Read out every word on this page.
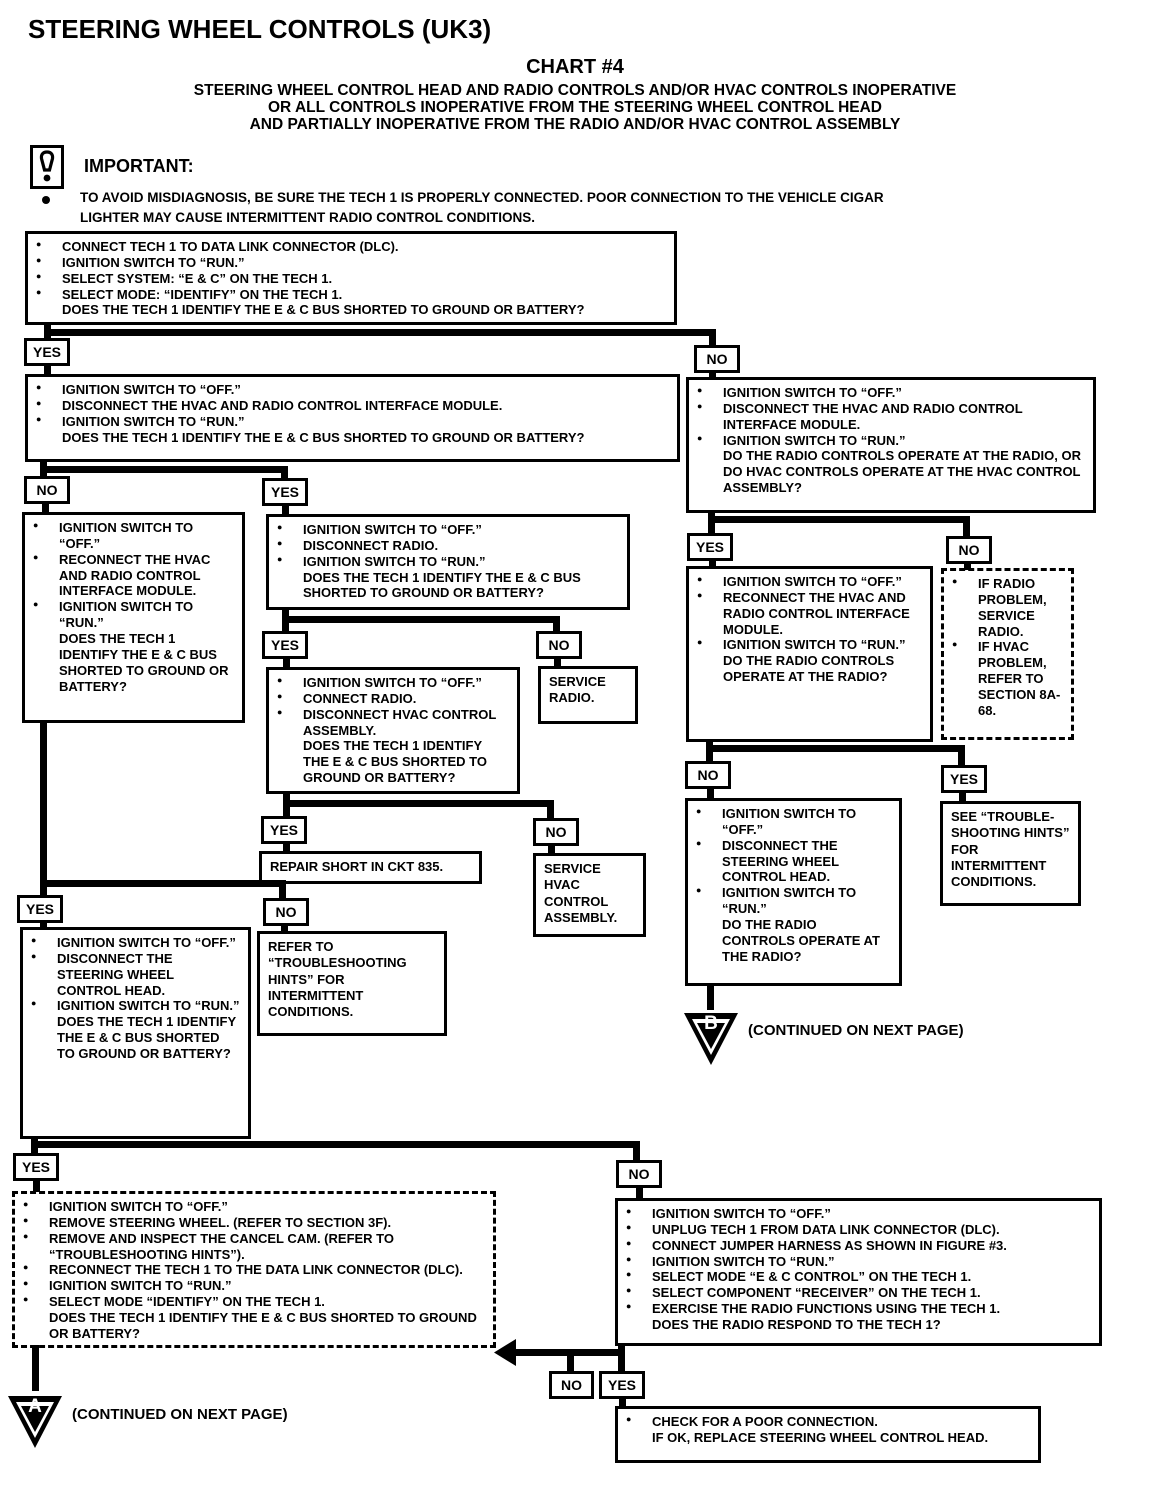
STEERING WHEEL CONTROLS (UK3)
CHART #4
STEERING WHEEL CONTROL HEAD AND RADIO CONTROLS AND/OR HVAC CONTROLS INOPERATIVE
OR ALL CONTROLS INOPERATIVE FROM THE STEERING WHEEL CONTROL HEAD
AND PARTIALLY INOPERATIVE FROM THE RADIO AND/OR HVAC CONTROL ASSEMBLY
IMPORTANT:
TO AVOID MISDIAGNOSIS, BE SURE THE TECH 1 IS PROPERLY CONNECTED. POOR CONNECTION TO THE VEHICLE CIGAR LIGHTER MAY CAUSE INTERMITTENT RADIO CONTROL CONDITIONS.
YES	NO
NO	YES
YES	NO
YES	NO
YES	NO
YES	NO
NO	YES
YES	NO
NO	YES
●	CONNECT TECH 1 TO DATA LINK CONNECTOR (DLC).
●	IGNITION SWITCH TO “RUN.”
●	SELECT SYSTEM: “E & C” ON THE TECH 1.
●	SELECT MODE: “IDENTIFY” ON THE TECH 1.
DOES THE TECH 1 IDENTIFY THE E & C BUS SHORTED TO GROUND OR BATTERY?
●	IGNITION SWITCH TO “OFF.”
●	DISCONNECT THE HVAC AND RADIO CONTROL INTERFACE MODULE.
●	IGNITION SWITCH TO “RUN.”
DOES THE TECH 1 IDENTIFY THE E & C BUS SHORTED TO GROUND OR BATTERY?
●	IGNITION SWITCH TO “OFF.”
●	DISCONNECT THE HVAC AND RADIO CONTROL INTERFACE MODULE.
●	IGNITION SWITCH TO “RUN.”
DO THE RADIO CONTROLS OPERATE AT THE RADIO, OR DO HVAC CONTROLS OPERATE AT THE HVAC CONTROL ASSEMBLY?
●	IGNITION SWITCH TO “OFF.”
●	RECONNECT THE HVAC AND RADIO CONTROL INTERFACE MODULE.
●	IGNITION SWITCH TO “RUN.”
DOES THE TECH 1 IDENTIFY THE E & C BUS SHORTED TO GROUND OR BATTERY?
●	IGNITION SWITCH TO “OFF.”
●	DISCONNECT RADIO.
●	IGNITION SWITCH TO “RUN.”
DOES THE TECH 1 IDENTIFY THE E & C BUS SHORTED TO GROUND OR BATTERY?
●	IGNITION SWITCH TO “OFF.”
●	CONNECT RADIO.
●	DISCONNECT HVAC CONTROL ASSEMBLY.
DOES THE TECH 1 IDENTIFY THE E & C BUS SHORTED TO GROUND OR BATTERY?
SERVICE RADIO.
REPAIR SHORT IN CKT 835.	SERVICE HVAC CONTROL ASSEMBLY.
REFER TO “TROUBLESHOOTING HINTS” FOR INTERMITTENT CONDITIONS.
●	IGNITION SWITCH TO “OFF.”
●	DISCONNECT THE STEERING WHEEL CONTROL HEAD.
●	IGNITION SWITCH TO “RUN.”
DOES THE TECH 1 IDENTIFY THE E & C BUS SHORTED TO GROUND OR BATTERY?
●	IGNITION SWITCH TO “OFF.”
●	REMOVE STEERING WHEEL. (REFER TO SECTION 3F).
●	REMOVE AND INSPECT THE CANCEL CAM. (REFER TO “TROUBLESHOOTING HINTS”).
●	RECONNECT THE TECH 1 TO THE DATA LINK CONNECTOR (DLC).
●	IGNITION SWITCH TO “RUN.”
●	SELECT MODE “IDENTIFY” ON THE TECH 1.
DOES THE TECH 1 IDENTIFY THE E & C BUS SHORTED TO GROUND OR BATTERY?
●	IGNITION SWITCH TO “OFF.”
●	UNPLUG TECH 1 FROM DATA LINK CONNECTOR (DLC).
●	CONNECT JUMPER HARNESS AS SHOWN IN FIGURE #3.
●	IGNITION SWITCH TO “RUN.”
●	SELECT MODE “E & C CONTROL” ON THE TECH 1.
●	SELECT COMPONENT “RECEIVER” ON THE TECH 1.
●	EXERCISE THE RADIO FUNCTIONS USING THE TECH 1.
DOES THE RADIO RESPOND TO THE TECH 1?
●	CHECK FOR A POOR CONNECTION.
IF OK, REPLACE STEERING WHEEL CONTROL HEAD.
●	IGNITION SWITCH TO “OFF.”
●	RECONNECT THE HVAC AND RADIO CONTROL INTERFACE MODULE.
●	IGNITION SWITCH TO “RUN.”
DO THE RADIO CONTROLS OPERATE AT THE RADIO?
●	IF RADIO PROBLEM, SERVICE RADIO.
●	IF HVAC PROBLEM, REFER TO SECTION 8A-68.
●	IGNITION SWITCH TO “OFF.”
●	DISCONNECT THE STEERING WHEEL CONTROL HEAD.
●	IGNITION SWITCH TO “RUN.”
DO THE RADIO CONTROLS OPERATE AT THE RADIO?
SEE “TROUBLE-SHOOTING HINTS” FOR INTERMITTENT CONDITIONS.
A	(CONTINUED ON NEXT PAGE)
B	(CONTINUED ON NEXT PAGE)
